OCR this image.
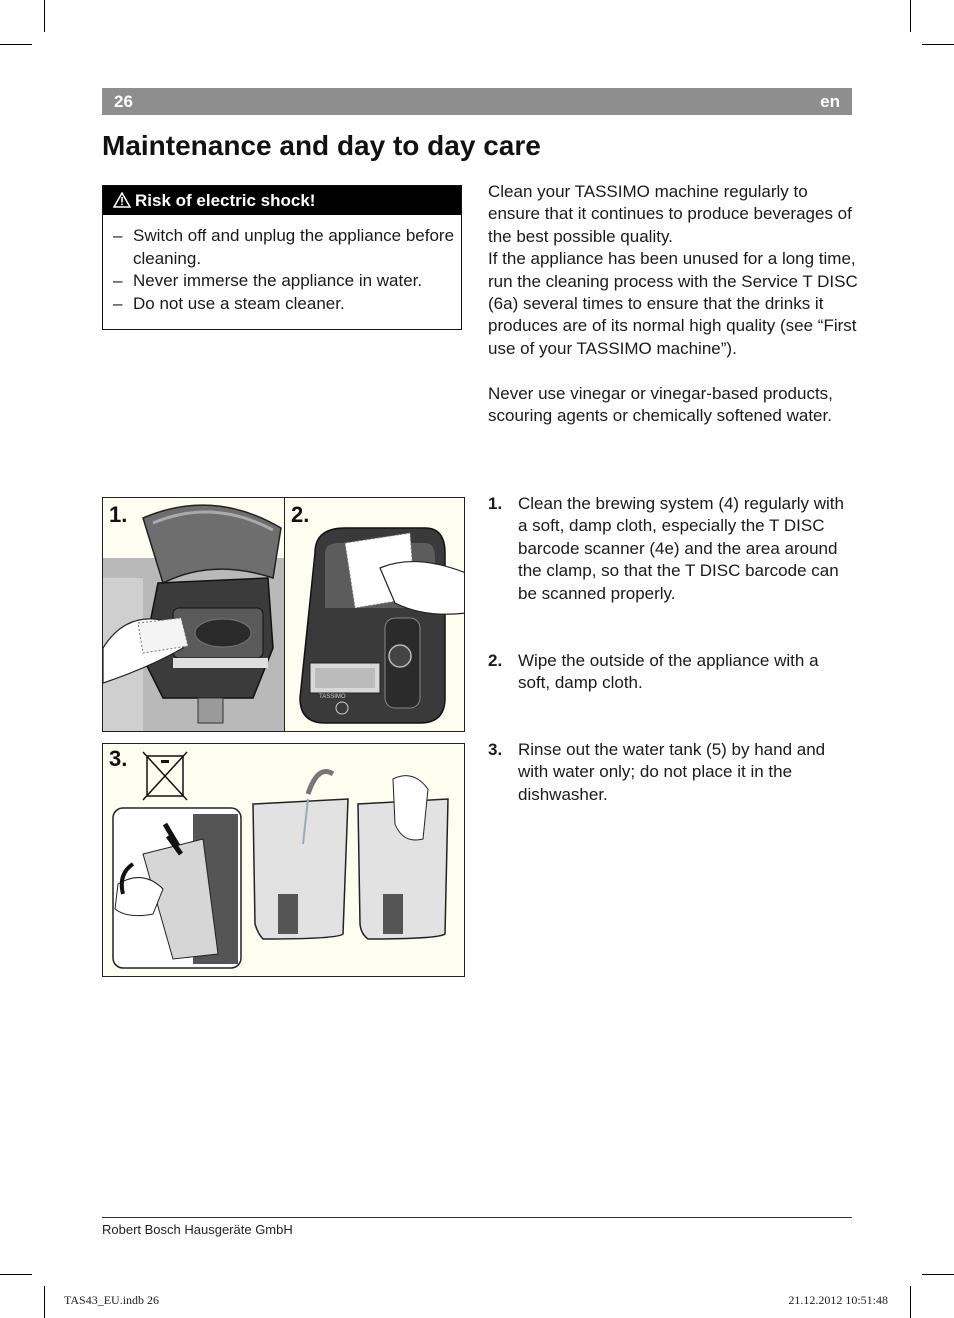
26	en
Maintenance and day to day care
Risk of electric shock!
– Switch off and unplug the appliance before cleaning.
– Never immerse the appliance in water.
– Do not use a steam cleaner.
Clean your TASSIMO machine regularly to ensure that it continues to produce beverages of the best possible quality.
If the appliance has been unused for a long time, run the cleaning process with the Service T DISC (6a) several times to ensure that the drinks it produces are of its normal high quality (see “First use of your TASSIMO machine”).
Never use vinegar or vinegar-based products, scouring agents or chemically softened water.
1. Clean the brewing system (4) regularly with a soft, damp cloth, especially the T DISC barcode scanner (4e) and the area around the clamp, so that the T DISC barcode can be scanned properly.
2. Wipe the outside of the appliance with a soft, damp cloth.
3. Rinse out the water tank (5) by hand and with water only; do not place it in the dishwasher.
1.
TASSIMO
2.
3.
Robert Bosch Hausgeräte GmbH
TAS43_EU.indb 26	21.12.2012 10:51:48
